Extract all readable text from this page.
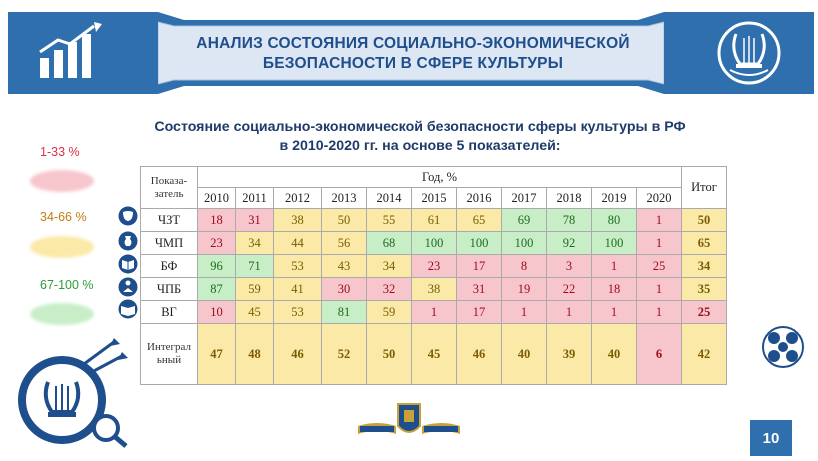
АНАЛИЗ СОСТОЯНИЯ СОЦИАЛЬНО-ЭКОНОМИЧЕСКОЙ
БЕЗОПАСНОСТИ В СФЕРЕ КУЛЬТУРЫ
Состояние социально-экономической безопасности сферы культуры в РФ
в 2010-2020 гг. на основе 5 показателей:
1-33 %
34-66 %
67-100 %
Показа-
затель	Год, %											Итог
	2010	2011	2012	2013	2014	2015	2016	2017	2018	2019	2020	
ЧЗТ	18	31	38	50	55	61	65	69	78	80	1	50
ЧМП	23	34	44	56	68	100	100	100	92	100	1	65
БФ	96	71	53	43	34	23	17	8	3	1	25	34
ЧПБ	87	59	41	30	32	38	31	19	22	18	1	35
ВГ	10	45	53	81	59	1	17	1	1	1	1	25

Интеграл
ьный	47	48	46	52	50	45	46	40	39	40	6	42
10
